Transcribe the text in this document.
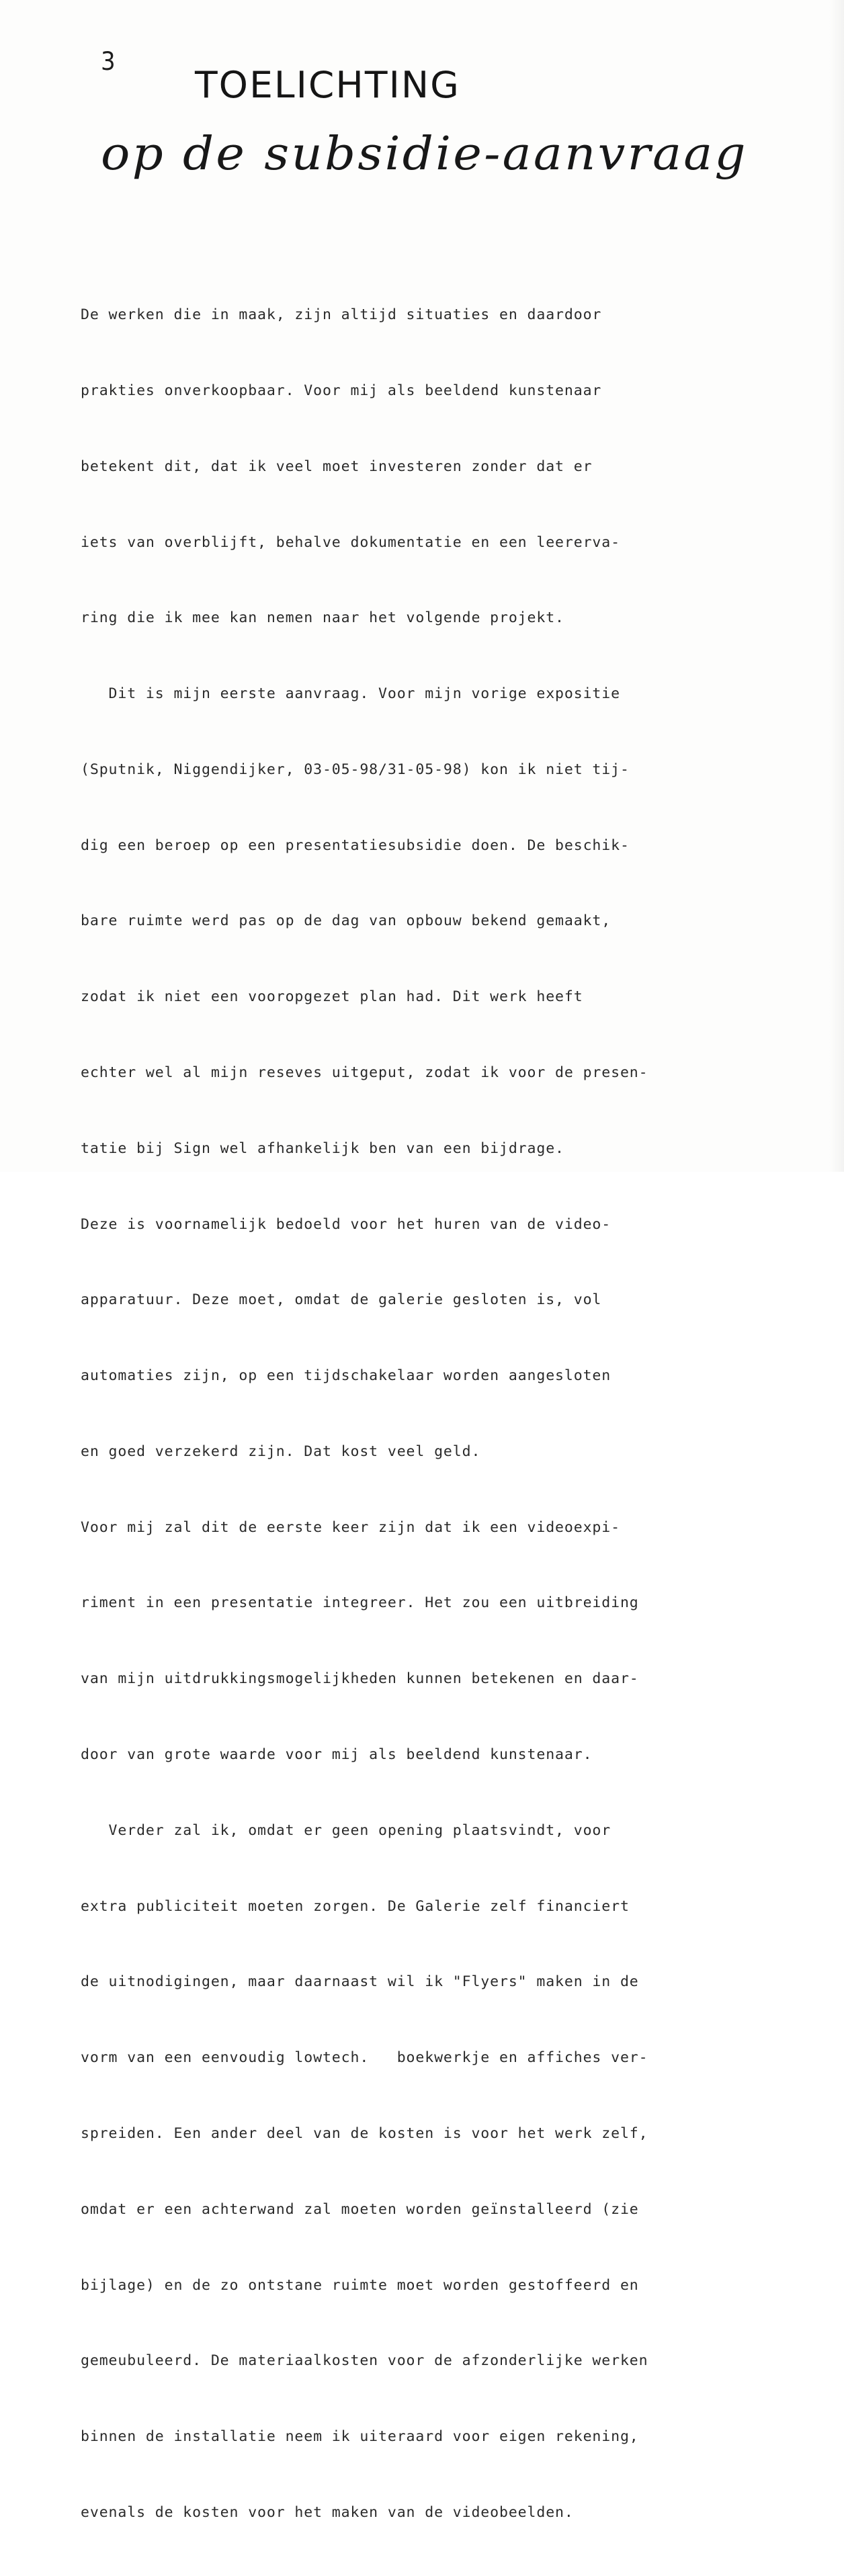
3
TOELICHTING
op de subsidie-aanvraag

De werken die in maak, zijn altijd situaties en daardoor

prakties onverkoopbaar. Voor mij als beeldend kunstenaar

betekent dit, dat ik veel moet investeren zonder dat er

iets van overblijft, behalve dokumentatie en een leererva-

ring die ik mee kan nemen naar het volgende projekt.

Dit is mijn eerste aanvraag. Voor mijn vorige expositie

(Sputnik, Niggendijker, 03-05-98/31-05-98) kon ik niet tij-

dig een beroep op een presentatiesubsidie doen. De beschik-

bare ruimte werd pas op de dag van opbouw bekend gemaakt,

zodat ik niet een vooropgezet plan had. Dit werk heeft

echter wel al mijn reseves uitgeput, zodat ik voor de presen-

tatie bij Sign wel afhankelijk ben van een bijdrage.

Deze is voornamelijk bedoeld voor het huren van de video-

apparatuur. Deze moet, omdat de galerie gesloten is, vol

automaties zijn, op een tijdschakelaar worden aangesloten

en goed verzekerd zijn. Dat kost veel geld.

Voor mij zal dit de eerste keer zijn dat ik een videoexpi-

riment in een presentatie integreer. Het zou een uitbreiding

van mijn uitdrukkingsmogelijkheden kunnen betekenen en daar-

door van grote waarde voor mij als beeldend kunstenaar.

Verder zal ik, omdat er geen opening plaatsvindt, voor

extra publiciteit moeten zorgen. De Galerie zelf financiert

de uitnodigingen, maar daarnaast wil ik "Flyers" maken in de

vorm van een eenvoudig lowtech.   boekwerkje en affiches ver-

spreiden. Een ander deel van de kosten is voor het werk zelf,

omdat er een achterwand zal moeten worden geïnstalleerd (zie

bijlage) en de zo ontstane ruimte moet worden gestoffeerd en

gemeubuleerd. De materiaalkosten voor de afzonderlijke werken

binnen de installatie neem ik uiteraard voor eigen rekening,

evenals de kosten voor het maken van de videobeelden.
